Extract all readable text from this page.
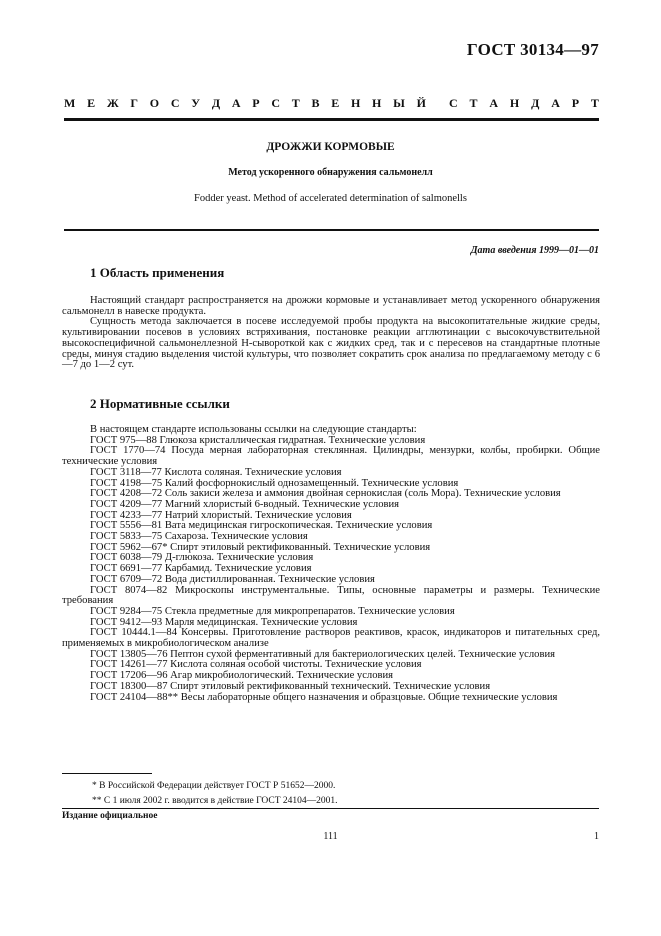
ГОСТ 30134—97
М Е Ж Г О С У Д А Р С Т В Е Н Н Ы Й С Т А Н Д А Р Т
ДРОЖЖИ КОРМОВЫЕ
Метод ускоренного обнаружения сальмонелл
Fodder yeast. Method of accelerated determination of salmonells
Дата введения 1999—01—01
1 Область применения

Настоящий стандарт распространяется на дрожжи кормовые и устанавливает метод ускоренного обнаружения сальмонелл в навеске продукта.

Сущность метода заключается в посеве исследуемой пробы продукта на высокопитательные жидкие среды, культивировании посевов в условиях встряхивания, постановке реакции агглютинации с высокочувствительной высокоспецифичной сальмонеллезной Н-сывороткой как с жидких сред, так и с пересевов на стандартные плотные среды, минуя стадию выделения чистой культуры, что позволяет сократить срок анализа по предлагаемому методу с 6—7 до 1—2 сут.

2 Нормативные ссылки

В настоящем стандарте использованы ссылки на следующие стандарты:

ГОСТ 975—88 Глюкоза кристаллическая гидратная. Технические условия

ГОСТ 1770—74 Посуда мерная лабораторная стеклянная. Цилиндры, мензурки, колбы, пробирки. Общие технические условия

ГОСТ 3118—77 Кислота соляная. Технические условия

ГОСТ 4198—75 Калий фосфорнокислый однозамещенный. Технические условия

ГОСТ 4208—72 Соль закиси железа и аммония двойная сернокислая (соль Мора). Технические условия

ГОСТ 4209—77 Магний хлористый 6-водный. Технические условия

ГОСТ 4233—77 Натрий хлористый. Технические условия

ГОСТ 5556—81 Вата медицинская гигроскопическая. Технические условия

ГОСТ 5833—75 Сахароза. Технические условия

ГОСТ 5962—67* Спирт этиловый ректификованный. Технические условия

ГОСТ 6038—79 Д-глюкоза. Технические условия

ГОСТ 6691—77 Карбамид. Технические условия

ГОСТ 6709—72 Вода дистиллированная. Технические условия

ГОСТ 8074—82 Микроскопы инструментальные. Типы, основные параметры и размеры. Технические требования

ГОСТ 9284—75 Стекла предметные для микропрепаратов. Технические условия

ГОСТ 9412—93 Марля медицинская. Технические условия

ГОСТ 10444.1—84 Консервы. Приготовление растворов реактивов, красок, индикаторов и питательных сред, применяемых в микробиологическом анализе

ГОСТ 13805—76 Пептон сухой ферментативный для бактериологических целей. Технические условия

ГОСТ 14261—77 Кислота соляная особой чистоты. Технические условия

ГОСТ 17206—96 Агар микробиологический. Технические условия

ГОСТ 18300—87 Спирт этиловый ректификованный технический. Технические условия

ГОСТ 24104—88** Весы лабораторные общего назначения и образцовые. Общие технические условия

* В Российской Федерации действует ГОСТ Р 51652—2000.
** С 1 июля 2002 г. вводится в действие ГОСТ 24104—2001.
Издание официальное
111	1
